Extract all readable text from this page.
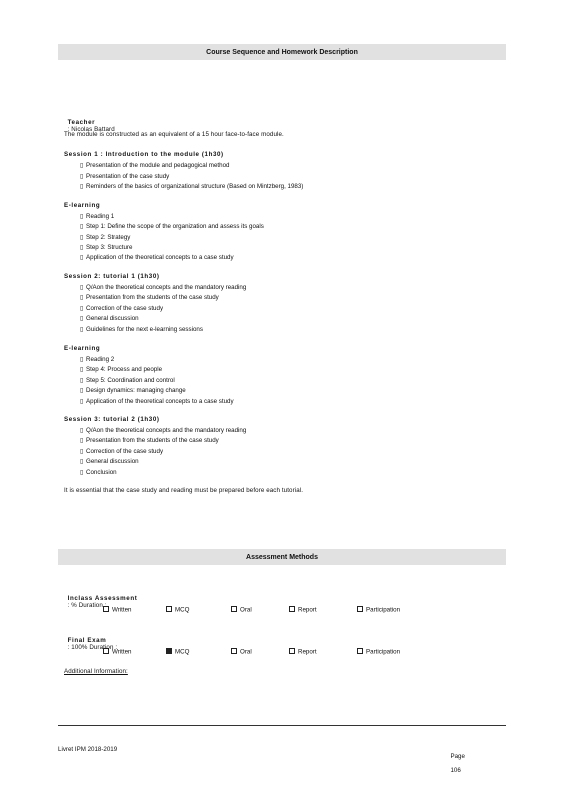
Course Sequence and Homework Description

Teacher
: Nicolas Battard

The module is constructed as an equivalent of a 15 hour face-to-face module.
Session 1 : Introduction to the module (1h30)
▯ Presentation of the module and pedagogical method
▯ Presentation of the case study
▯ Reminders of the basics of organizational structure (Based on Mintzberg, 1983)
E-learning
▯ Reading 1
▯ Step 1: Define the scope of the organization and assess its goals
▯ Step 2: Strategy
▯ Step 3: Structure
▯ Application of the theoretical concepts to a case study
Session 2: tutorial 1 (1h30)
▯ Q/Aon the theoretical concepts and the mandatory reading
▯ Presentation from the students of the case study
▯ Correction of the case study
▯ General discussion
▯ Guidelines for the next e-learning sessions
E-learning
▯ Reading 2
▯ Step 4: Process and people
▯ Step 5: Coordination and control
▯ Design dynamics: managing change
▯ Application of the theoretical concepts to a case study
Session 3: tutorial 2 (1h30)
▯ Q/Aon the theoretical concepts and the mandatory reading
▯ Presentation from the students of the case study
▯ Correction of the case study
▯ General discussion
▯ Conclusion
It is essential that the case study and reading must be prepared before each tutorial.
Assessment Methods

Inclass Assessment
: % Duration :

Written	MCQ	Oral	Report	Participation

Final Exam
: 100% Duration :

Written	MCQ	Oral	Report	Participation
Additional Information:
Livret IPM 2018-2019

Page

106
